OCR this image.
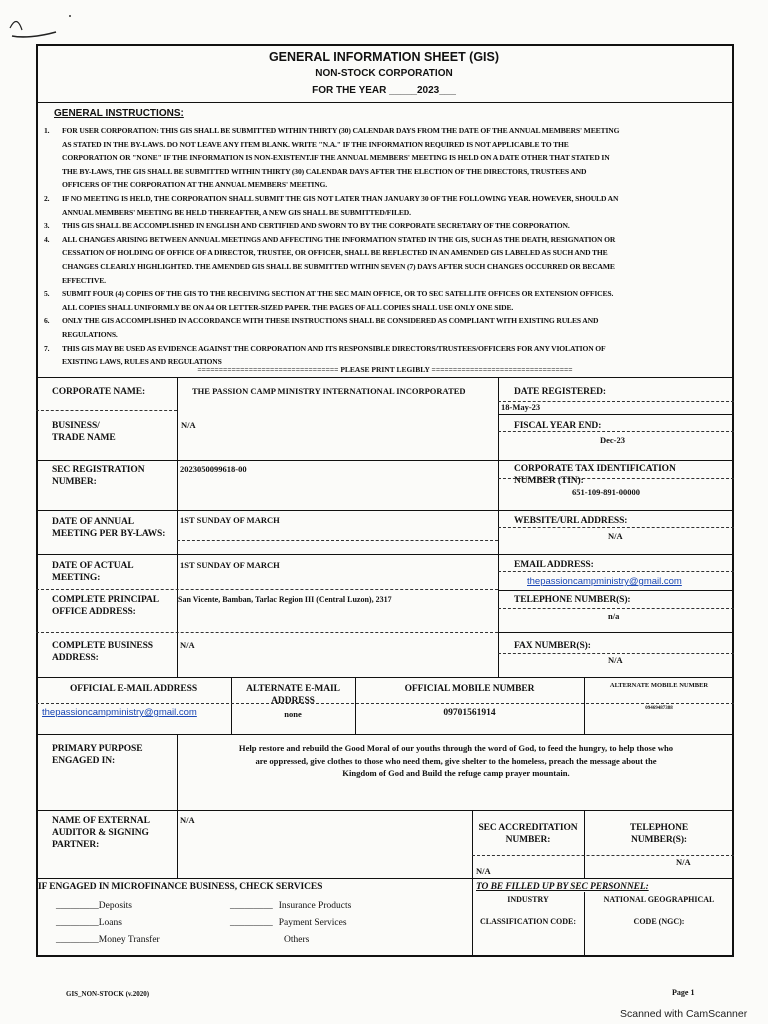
GENERAL INFORMATION SHEET (GIS)
NON-STOCK CORPORATION
FOR THE YEAR _____2023___
GENERAL INSTRUCTIONS:
1.	FOR USER CORPORATION: THIS GIS SHALL BE SUBMITTED WITHIN THIRTY (30) CALENDAR DAYS FROM THE DATE OF THE ANNUAL MEMBERS' MEETING
AS STATED IN THE BY-LAWS. DO NOT LEAVE ANY ITEM BLANK. WRITE "N.A." IF THE INFORMATION REQUIRED IS NOT APPLICABLE TO THE
CORPORATION OR "NONE" IF THE INFORMATION IS NON-EXISTENT.IF THE ANNUAL MEMBERS' MEETING IS HELD ON A DATE OTHER THAT STATED IN
THE BY-LAWS, THE GIS SHALL BE SUBMITTED WITHIN THIRTY (30) CALENDAR DAYS AFTER THE ELECTION OF THE DIRECTORS, TRUSTEES AND
OFFICERS OF THE CORPORATION AT THE ANNUAL MEMBERS' MEETING.
2.	IF NO MEETING IS HELD, THE CORPORATION SHALL SUBMIT THE GIS NOT LATER THAN JANUARY 30 OF THE FOLLOWING YEAR. HOWEVER, SHOULD AN
ANNUAL MEMBERS' MEETING BE HELD THEREAFTER, A NEW GIS SHALL BE SUBMITTED/FILED.
3.	THIS GIS SHALL BE ACCOMPLISHED IN ENGLISH AND CERTIFIED AND SWORN TO BY THE CORPORATE SECRETARY OF THE CORPORATION.
4.	ALL CHANGES ARISING BETWEEN ANNUAL MEETINGS AND AFFECTING THE INFORMATION STATED IN THE GIS, SUCH AS THE DEATH, RESIGNATION OR
CESSATION OF HOLDING OF OFFICE OF A DIRECTOR, TRUSTEE, OR OFFICER, SHALL BE REFLECTED IN AN AMENDED GIS LABELED AS SUCH AND THE
CHANGES CLEARLY HIGHLIGHTED. THE AMENDED GIS SHALL BE SUBMITTED WITHIN SEVEN (7) DAYS AFTER SUCH CHANGES OCCURRED OR BECAME
EFFECTIVE.
5.	SUBMIT FOUR (4) COPIES OF THE GIS TO THE RECEIVING SECTION AT THE SEC MAIN OFFICE, OR TO SEC SATELLITE OFFICES OR EXTENSION OFFICES.
ALL COPIES SHALL UNIFORMLY BE ON A4 OR LETTER-SIZED PAPER. THE PAGES OF ALL COPIES SHALL USE ONLY ONE SIDE.
6.	ONLY THE GIS ACCOMPLISHED IN ACCORDANCE WITH THESE INSTRUCTIONS SHALL BE CONSIDERED AS COMPLIANT WITH EXISTING RULES AND
REGULATIONS.
7.	THIS GIS MAY BE USED AS EVIDENCE AGAINST THE CORPORATION AND ITS RESPONSIBLE DIRECTORS/TRUSTEES/OFFICERS FOR ANY VIOLATION OF
EXISTING LAWS, RULES AND REGULATIONS
================================= PLEASE PRINT LEGIBLY =================================
CORPORATE NAME:	THE PASSION CAMP MINISTRY INTERNATIONAL INCORPORATED	DATE REGISTERED:
18-May-23
BUSINESS/
TRADE NAME
N/A	FISCAL YEAR END:
Dec-23
SEC REGISTRATION
NUMBER:
2023050099618-00	CORPORATE TAX IDENTIFICATION
NUMBER (TIN):
651-109-891-00000
DATE OF ANNUAL
MEETING PER BY-LAWS:
1ST SUNDAY OF MARCH	WEBSITE/URL ADDRESS:
N/A
DATE OF ACTUAL
MEETING:
1ST SUNDAY OF MARCH	EMAIL ADDRESS:
thepassioncampministry@gmail.com
COMPLETE PRINCIPAL
OFFICE ADDRESS:
San Vicente, Bamban, Tarlac Region III (Central Luzon), 2317	TELEPHONE NUMBER(S):
n/a
COMPLETE BUSINESS
ADDRESS:
N/A	FAX NUMBER(S):
N/A
OFFICIAL E-MAIL ADDRESS
thepassioncampministry@gmail.com
ALTERNATE E-MAIL
ADDRESS
none
OFFICIAL MOBILE NUMBER
09701561914
ALTERNATE MOBILE NUMBER
09469487388
PRIMARY PURPOSE
ENGAGED IN:
Help restore and rebuild the Good Moral of our youths through the word of God, to feed the hungry, to help those who
are oppressed, give clothes to those who need them, give shelter to the homeless, preach the message about the
Kingdom of God and Build the refuge camp prayer mountain.
NAME OF EXTERNAL
AUDITOR & SIGNING
PARTNER:
N/A
SEC ACCREDITATION
NUMBER:
N/A
TELEPHONE
NUMBER(S):
N/A
IF ENGAGED IN MICROFINANCE BUSINESS, CHECK SERVICES	TO BE FILLED UP BY SEC PERSONNEL:
_________Deposits
_________Loans
_________Money Transfer
_________ Insurance Products
_________ Payment Services
Others
INDUSTRY
CLASSIFICATION CODE:
NATIONAL GEOGRAPHICAL
CODE (NGC):
GIS_NON-STOCK (v.2020)	Page 1
Scanned with CamScanner
